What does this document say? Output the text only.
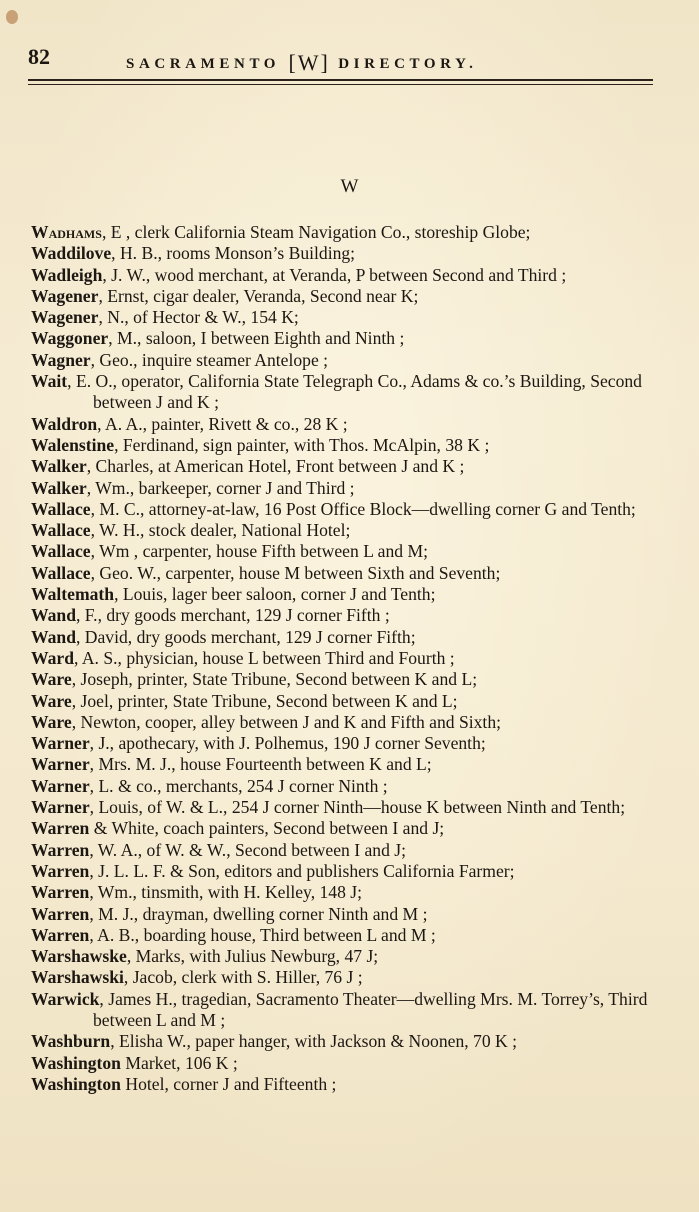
82	SACRAMENTO [W] DIRECTORY.
W
Wadhams, E , clerk California Steam Navigation Co., storeship Globe;
Waddilove, H. B., rooms Monson’s Building;
Wadleigh, J. W., wood merchant, at Veranda, P between Second and Third ;
Wagener, Ernst, cigar dealer, Veranda, Second near K;
Wagener, N., of Hector & W., 154 K;
Waggoner, M., saloon, I between Eighth and Ninth ;
Wagner, Geo., inquire steamer Antelope ;
Wait, E. O., operator, California State Telegraph Co., Adams & co.’s Building, Second between J and K ;
Waldron, A. A., painter, Rivett & co., 28 K ;
Walenstine, Ferdinand, sign painter, with Thos. McAlpin, 38 K ;
Walker, Charles, at American Hotel, Front between J and K ;
Walker, Wm., barkeeper, corner J and Third ;
Wallace, M. C., attorney-at-law, 16 Post Office Block—dwelling corner G and Tenth;
Wallace, W. H., stock dealer, National Hotel;
Wallace, Wm , carpenter, house Fifth between L and M;
Wallace, Geo. W., carpenter, house M between Sixth and Seventh;
Waltemath, Louis, lager beer saloon, corner J and Tenth;
Wand, F., dry goods merchant, 129 J corner Fifth ;
Wand, David, dry goods merchant, 129 J corner Fifth;
Ward, A. S., physician, house L between Third and Fourth ;
Ware, Joseph, printer, State Tribune, Second between K and L;
Ware, Joel, printer, State Tribune, Second between K and L;
Ware, Newton, cooper, alley between J and K and Fifth and Sixth;
Warner, J., apothecary, with J. Polhemus, 190 J corner Seventh;
Warner, Mrs. M. J., house Fourteenth between K and L;
Warner, L. & co., merchants, 254 J corner Ninth ;
Warner, Louis, of W. & L., 254 J corner Ninth—house K between Ninth and Tenth;
Warren & White, coach painters, Second between I and J;
Warren, W. A., of W. & W., Second between I and J;
Warren, J. L. L. F. & Son, editors and publishers California Farmer;
Warren, Wm., tinsmith, with H. Kelley, 148 J;
Warren, M. J., drayman, dwelling corner Ninth and M ;
Warren, A. B., boarding house, Third between L and M ;
Warshawske, Marks, with Julius Newburg, 47 J;
Warshawski, Jacob, clerk with S. Hiller, 76 J ;
Warwick, James H., tragedian, Sacramento Theater—dwelling Mrs. M. Torrey’s, Third between L and M ;
Washburn, Elisha W., paper hanger, with Jackson & Noonen, 70 K ;
Washington Market, 106 K ;
Washington Hotel, corner J and Fifteenth ;
